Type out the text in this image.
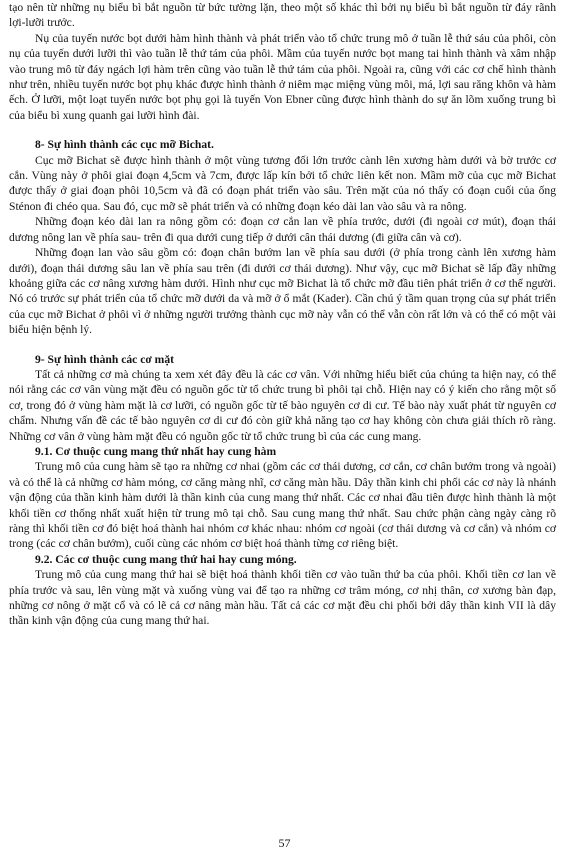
tạo nên từ những nụ biểu bì bắt nguồn từ bức tường lặn, theo một số khác thì bởi nụ biểu bì bắt nguồn từ đáy rãnh lợi-lưỡi trước.

Nụ của tuyến nước bọt dưới hàm hình thành và phát triển vào tổ chức trung mô ở tuần lễ thứ sáu của phôi, còn nụ của tuyến dưới lưỡi thì vào tuần lễ thứ tám của phôi. Mầm của tuyến nước bọt mang tai hình thành và xâm nhập vào trung mô từ đáy ngách lợi hàm trên cũng vào tuần lễ thứ tám của phôi. Ngoài ra, cũng với các cơ chế hình thành như trên, nhiều tuyến nước bọt phụ khác được hình thành ở niêm mạc miệng vùng môi, má, lợi sau răng khôn và hàm ếch. Ở lưỡi, một loạt tuyến nước bọt phụ gọi là tuyến Von Ebner cũng được hình thành do sự ăn lõm xuống trung bì của biểu bì xung quanh gai lưỡi hình đài.

8- Sự hình thành các cục mỡ Bichat.

Cục mỡ Bichat sẽ được hình thành ở một vùng tương đối lớn trước cành lên xương hàm dưới và bờ trước cơ cắn. Vùng này ở phôi giai đoạn 4,5cm và 7cm, được lấp kín bởi tổ chức liên kết non. Mầm mỡ của cục mỡ Bichat được thấy ở giai đoạn phôi 10,5cm và đã có đoạn phát triển vào sâu. Trên mặt của nó thấy có đoạn cuối của ống Sténon đi chéo qua. Sau đó, cục mỡ sẽ phát triển và có những đoạn kéo dài lan vào sâu và ra nông.

Những đoạn kéo dài lan ra nông gồm có: đoạn cơ cắn lan về phía trước, dưới (đi ngoài cơ mút), đoạn thái dương nông lan về phía sau- trên đi qua dưới cung tiếp ở dưới cân thái dương (đi giữa cân và cơ).

Những đoạn lan vào sâu gồm có: đoạn chân bướm lan về phía sau dưới (ở phía trong cành lên xương hàm dưới), đoạn thái dương sâu lan về phía sau trên (đi dưới cơ thái dương). Như vậy, cục mỡ Bichat sẽ lấp đầy những khoảng giữa các cơ nâng xương hàm dưới. Hình như cục mỡ Bichat là tổ chức mỡ đầu tiên phát triển ở cơ thể người. Nó có trước sự phát triển của tổ chức mỡ dưới da và mỡ ở ổ mắt (Kader). Cần chú ý tầm quan trọng của sự phát triển của cục mỡ Bichat ở phôi vì ở những người trưởng thành cục mỡ này vẫn có thể vẫn còn rất lớn và có thể có một vài biểu hiện bệnh lý.

9- Sự hình thành các cơ mặt

Tất cả những cơ mà chúng ta xem xét đây đều là các cơ vân. Với những hiểu biết của chúng ta hiện nay, có thể nói rằng các cơ vân vùng mặt đều có nguồn gốc từ tổ chức trung bì phôi tại chỗ. Hiện nay có ý kiến cho rằng một số cơ, trong đó ở vùng hàm mặt là cơ lưỡi, có nguồn gốc từ tế bào nguyên cơ di cư. Tế bào này xuất phát từ nguyên cơ chẩm. Nhưng vấn đề các tế bào nguyên cơ di cư đó còn giữ khả năng tạo cơ hay không còn chưa giải thích rõ ràng. Những cơ vân ở vùng hàm mặt đều có nguồn gốc từ tổ chức trung bì của các cung mang.

9.1. Cơ thuộc cung mang thứ nhất hay cung hàm

Trung mô của cung hàm sẽ tạo ra những cơ nhai (gồm các cơ thái dương, cơ cắn, cơ chân bướm trong và ngoài) và có thể là cả những cơ hàm móng, cơ căng màng nhĩ, cơ căng màn hầu. Dây thần kinh chi phối các cơ này là nhánh vận động của thần kinh hàm dưới là thần kinh của cung mang thứ nhất. Các cơ nhai đầu tiên được hình thành là một khối tiền cơ thống nhất xuất hiện từ trung mô tại chỗ. Sau cung mang thứ nhất. Sau chức phận càng ngày càng rõ ràng thì khối tiền cơ đó biệt hoá thành hai nhóm cơ khác nhau: nhóm cơ ngoài (cơ thái dương và cơ cắn) và nhóm cơ trong (các cơ chân bướm), cuối cùng các nhóm cơ biệt hoá thành từng cơ riêng biệt.

9.2. Các cơ thuộc cung mang thứ hai hay cung móng.

Trung mô của cung mang thứ hai sẽ biệt hoá thành khối tiền cơ vào tuần thứ ba của phôi. Khối tiền cơ lan về phía trước và sau, lên vùng mặt và xuống vùng vai để tạo ra những cơ trâm móng, cơ nhị thân, cơ xương bàn đạp, những cơ nông ở mặt cổ và có lẽ cả cơ nâng màn hầu. Tất cả các cơ mặt đều chi phối bởi dây thần kinh VII là dây thần kinh vận động của cung mang thứ hai.

57
